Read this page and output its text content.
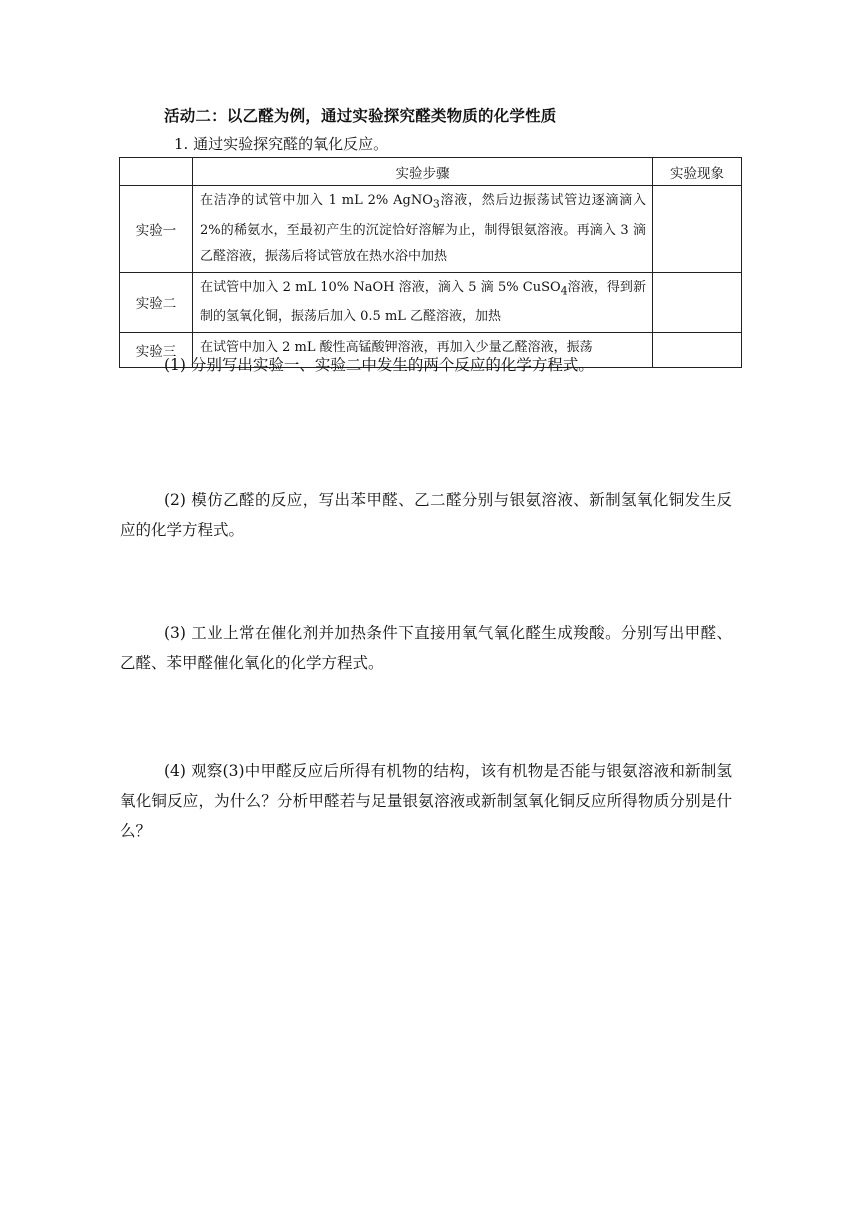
活动二：以乙醛为例，通过实验探究醛类物质的化学性质
1. 通过实验探究醛的氧化反应。
	实验步骤	实验现象
实验一	在洁净的试管中加入 1 mL 2% AgNO$_3$溶液，然后边振荡试管边逐滴滴入 2%的稀氨水，至最初产生的沉淀恰好溶解为止，制得银氨溶液。再滴入 3 滴乙醛溶液，振荡后将试管放在热水浴中加热	
实验二	在试管中加入 2 mL 10% NaOH 溶液，滴入 5 滴 5% CuSO$_4$溶液，得到新制的氢氧化铜，振荡后加入 0.5 mL 乙醛溶液，加热	
实验三	在试管中加入 2 mL 酸性高锰酸钾溶液，再加入少量乙醛溶液，振荡	
(1) 分别写出实验一、实验二中发生的两个反应的化学方程式。
(2) 模仿乙醛的反应，写出苯甲醛、乙二醛分别与银氨溶液、新制氢氧化铜发生反应的化学方程式。
(3) 工业上常在催化剂并加热条件下直接用氧气氧化醛生成羧酸。分别写出甲醛、乙醛、苯甲醛催化氧化的化学方程式。
(4) 观察(3)中甲醛反应后所得有机物的结构，该有机物是否能与银氨溶液和新制氢氧化铜反应，为什么？分析甲醛若与足量银氨溶液或新制氢氧化铜反应所得物质分别是什么？
